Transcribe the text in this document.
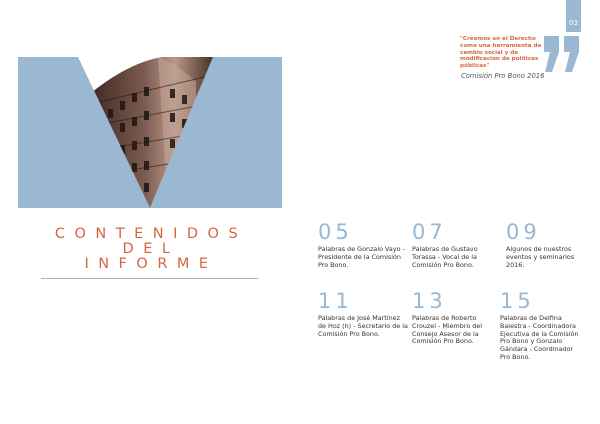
03
"Creemos en el Derecho como una herramienta de cambio social y de modificación de políticas públicas"
Comisión Pro Bono 2016
CONTENIDOS
DEL
INFORME
05
Palabras de Gonzalo Vayo - Presidente de la Comisión Pro Bono.
07
Palabras de Gustavo Torassa - Vocal de la Comisión Pro Bono.
09
Algunos de nuestros eventos y seminarios 2016.
11
Palabras de José Martínez de Hoz (h) - Secretario de la Comisión Pro Bono.
13
Palabras de Roberto Crouzel - Miembro del Consejo Asesor de la Comisión Pro Bono.
15
Palabras de Delfina Balestra - Coordinadora Ejecutiva de la Comisión Pro Bono y Gonzalo Gándara - Coordinador Pro Bono.
